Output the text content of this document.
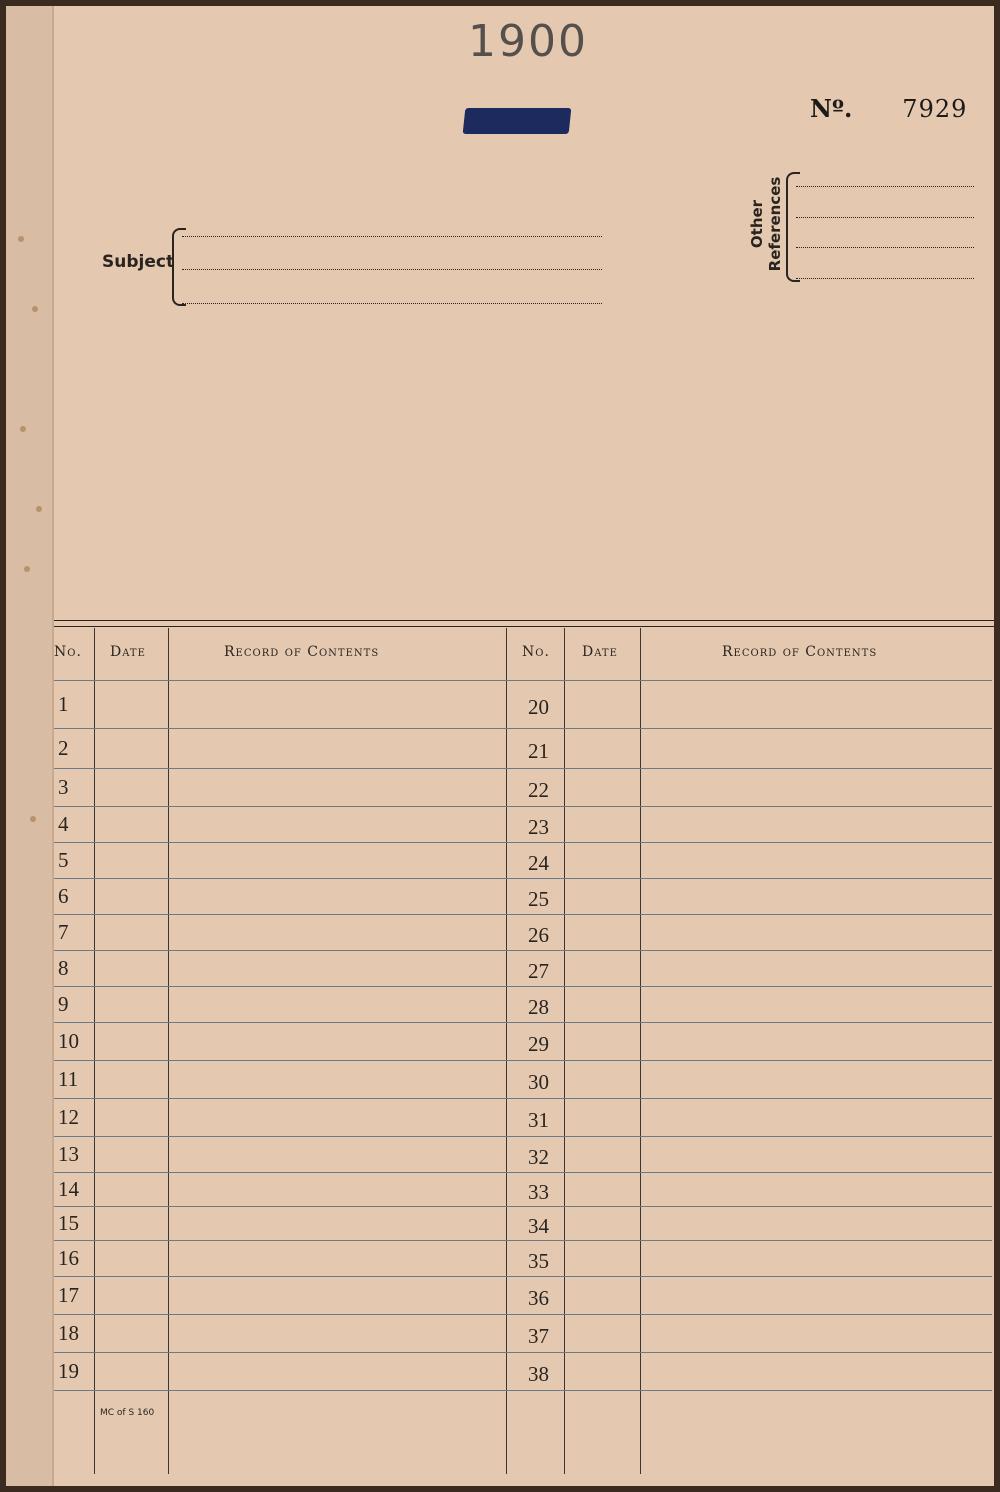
1900
Nº. 7929
Subject
Other References
No. Date	Record of Contents	No. Date	Record of Contents
1	20
2	21
3	22
4	23
5	24
6	25
7	26
8	27
9	28
10	29
11	30
12	31
13	32
14	33
15	34
16	35
17	36
18	37
19	38
MC of S 160
